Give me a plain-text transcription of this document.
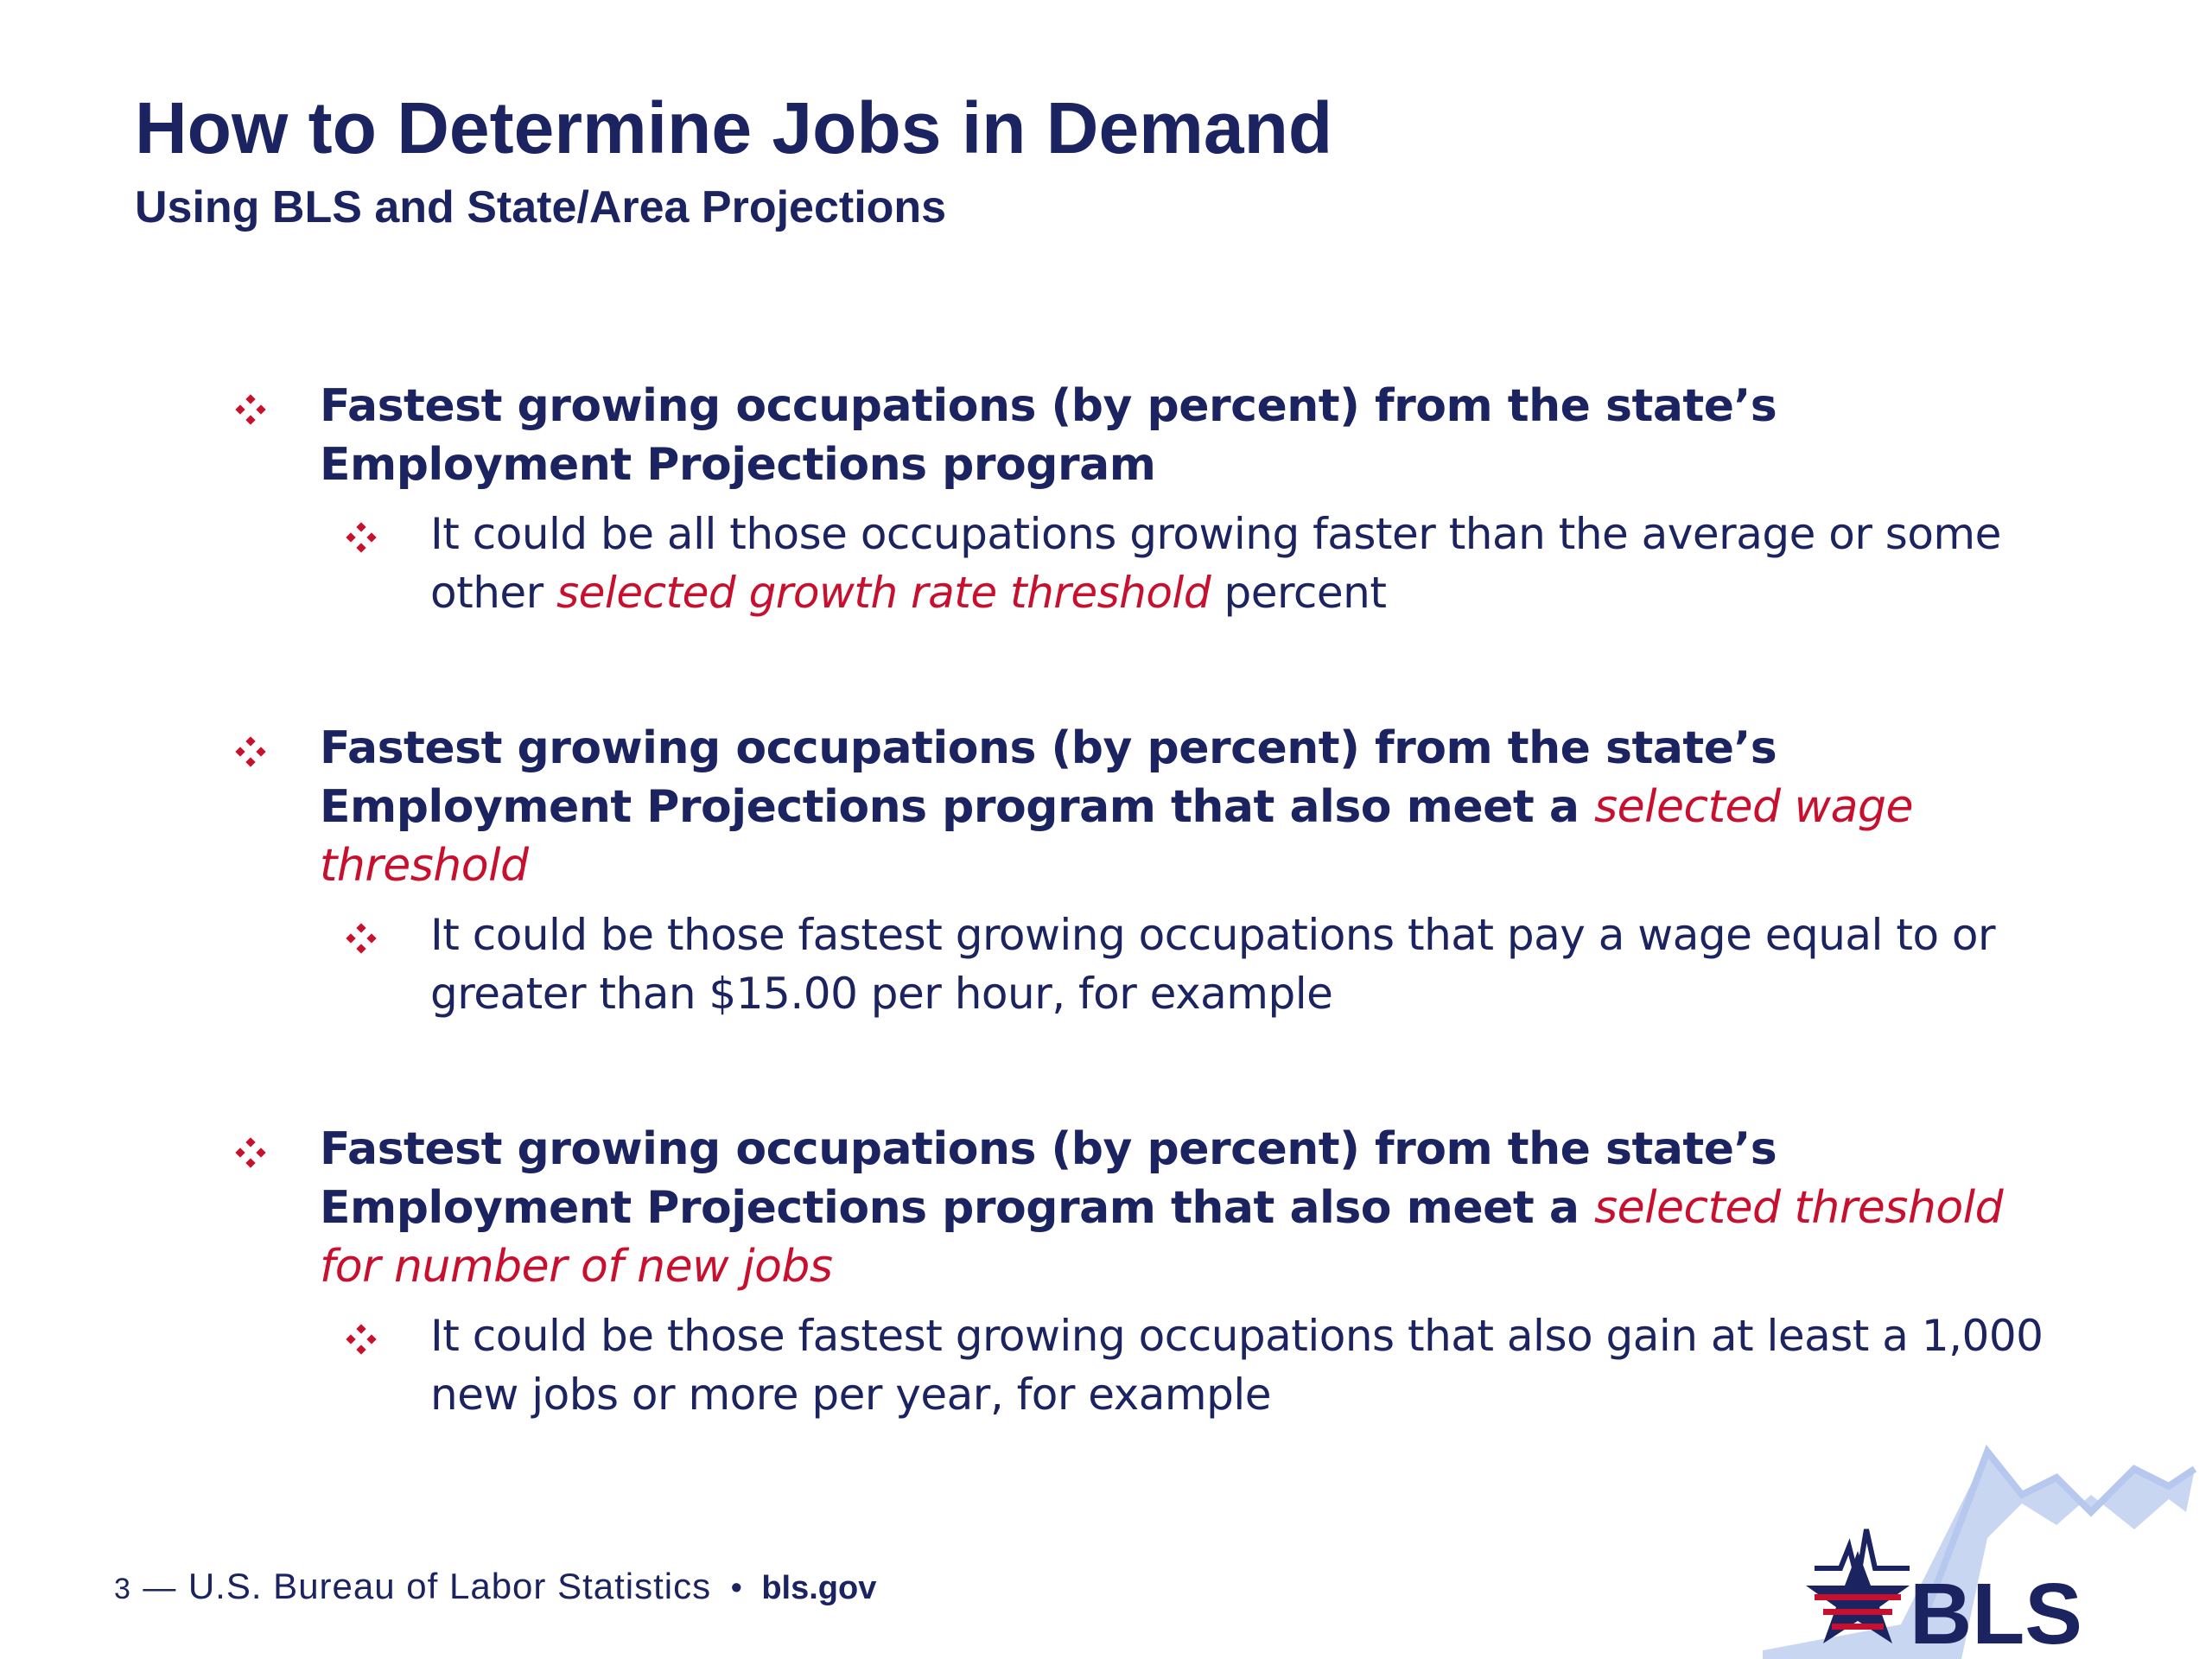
How to Determine Jobs in Demand
Using BLS and State/Area Projections
Fastest growing occupations (by percent) from the state’s Employment Projections program
It could be all those occupations growing faster than the average or some other selected growth rate threshold percent
Fastest growing occupations (by percent) from the state’s Employment Projections program that also meet a selected wage threshold
It could be those fastest growing occupations that pay a wage equal to or greater than $15.00 per hour, for example
Fastest growing occupations (by percent) from the state’s Employment Projections program that also meet a selected threshold for number of new jobs
It could be those fastest growing occupations that also gain at least a 1,000 new jobs or more per year, for example
3 — U.S. Bureau of Labor Statistics • bls.gov	BLS
